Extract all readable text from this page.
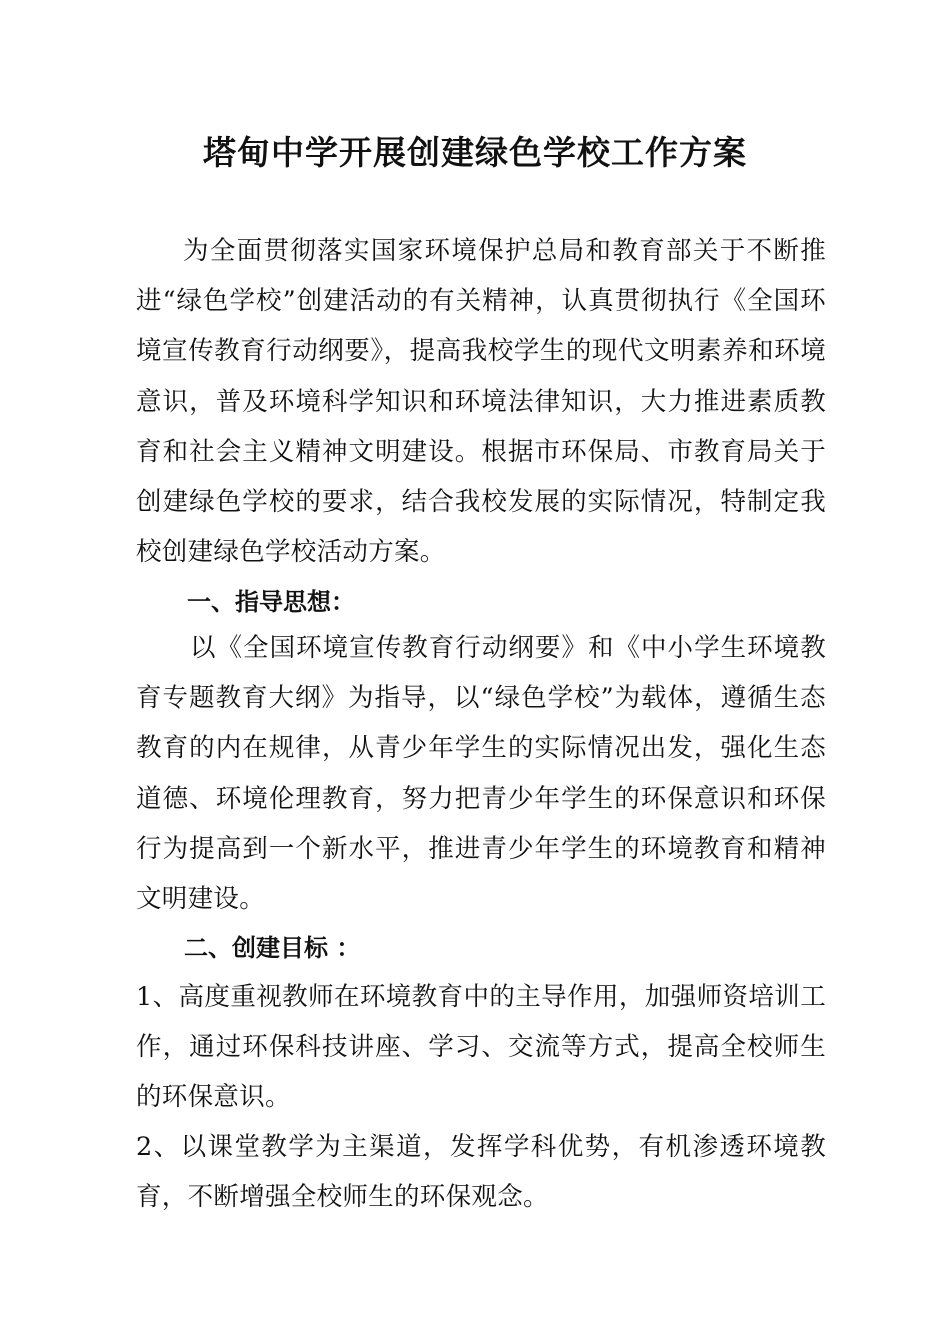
塔甸中学开展创建绿色学校工作方案
为全面贯彻落实国家环境保护总局和教育部关于不断推进“绿色学校”创建活动的有关精神，认真贯彻执行《全国环境宣传教育行动纲要》，提高我校学生的现代文明素养和环境意识，普及环境科学知识和环境法律知识，大力推进素质教育和社会主义精神文明建设。根据市环保局、市教育局关于创建绿色学校的要求，结合我校发展的实际情况，特制定我校创建绿色学校活动方案。
一、指导思想：
以《全国环境宣传教育行动纲要》和《中小学生环境教育专题教育大纲》为指导，以“绿色学校”为载体，遵循生态教育的内在规律，从青少年学生的实际情况出发，强化生态道德、环境伦理教育，努力把青少年学生的环保意识和环保行为提高到一个新水平，推进青少年学生的环境教育和精神文明建设。
二、创建目标 ：
1、高度重视教师在环境教育中的主导作用，加强师资培训工作，通过环保科技讲座、学习、交流等方式，提高全校师生的环保意识。
2、以课堂教学为主渠道，发挥学科优势，有机渗透环境教育，不断增强全校师生的环保观念。
